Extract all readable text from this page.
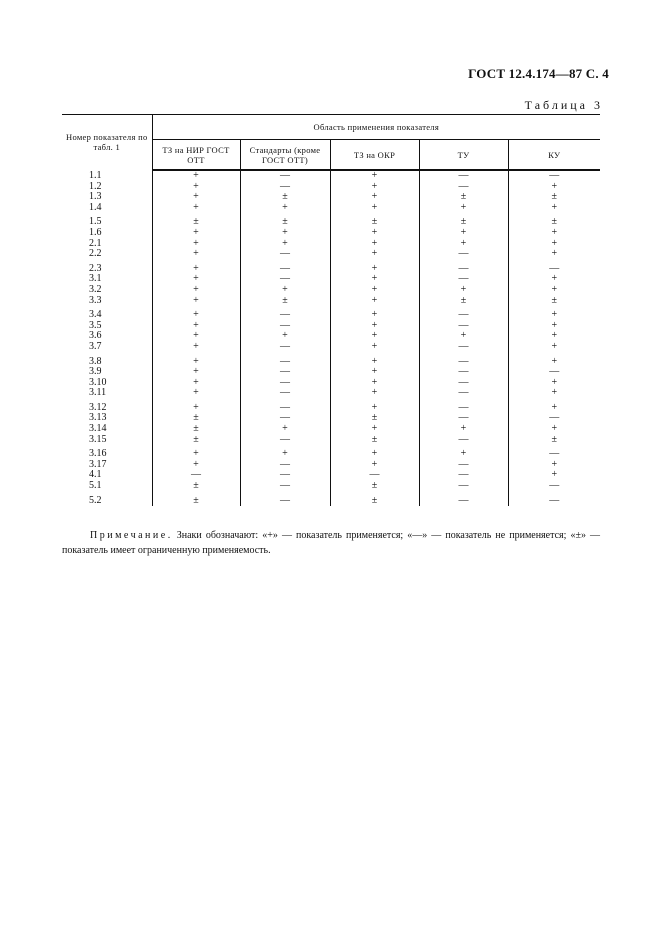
ГОСТ 12.4.174—87 С. 4
Таблица 3
Номер показателя по табл. 1	Область применения показателя				
	ТЗ на НИР ГОСТ ОТТ	Стандарты (кроме ГОСТ ОТТ)	ТЗ на ОКР	ТУ	КУ
1.1	+	—	+	—	—
1.2	+	—	+	—	+
1.3	+	±	+	±	±
1.4	+	+	+	+	+
1.5	±	±	±	±	±
1.6	+	+	+	+	+
2.1	+	+	+	+	+
2.2	+	—	+	—	+
2.3	+	—	+	—	—
3.1	+	—	+	—	+
3.2	+	+	+	+	+
3.3	+	±	+	±	±
3.4	+	—	+	—	+
3.5	+	—	+	—	+
3.6	+	+	+	+	+
3.7	+	—	+	—	+
3.8	+	—	+	—	+
3.9	+	—	+	—	—
3.10	+	—	+	—	+
3.11	+	—	+	—	+
3.12	+	—	+	—	+
3.13	±	—	±	—	—
3.14	±	+	+	+	+
3.15	±	—	±	—	±
3.16	+	+	+	+	—
3.17	+	—	+	—	+
4.1	—	—	—	—	+
5.1	±	—	±	—	—
5.2	±	—	±	—	—

Примечание. Знаки обозначают: «+» — показатель применяется; «—» — показатель не применяется; «±» — показатель имеет ограниченную применяемость.
